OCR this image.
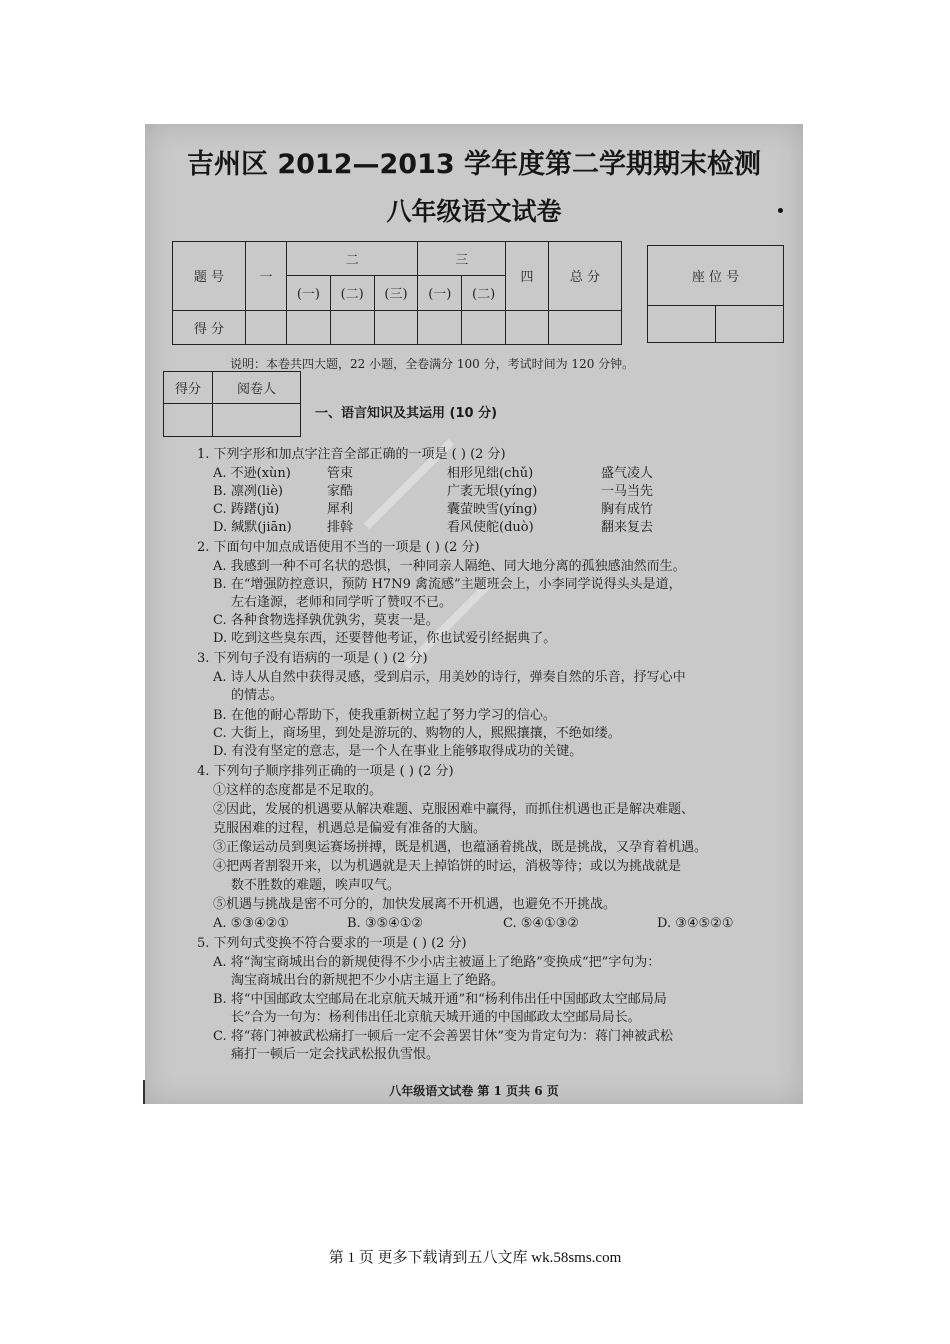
吉州区 2012—2013 学年度第二学期期末检测
八年级语文试卷
题 号	一	二			三		四	总 分
		(一)	(二)	(三)	(一)	(二)		
得 分								
座 位 号

说明：本卷共四大题，22 小题，全卷满分 100 分，考试时间为 120 分钟。
得分	阅卷人

一、语言知识及其运用 (10 分)
1. 下列字形和加点字注音全部正确的一项是 ( ) (2 分)
A. 不逊(xùn)	管束	相形见绌(chǔ)	盛气凌人
B. 凛冽(liè)	家酷	广袤无垠(yíng)	一马当先
C. 踌躇(jǔ)	犀利	囊萤映雪(yíng)	胸有成竹
D. 缄默(jiān)	排斡	看风使舵(duò)	翻来复去
2. 下面句中加点成语使用不当的一项是 ( ) (2 分)
A. 我感到一种不可名状的恐惧，一种同亲人隔绝、同大地分离的孤独感油然而生。
B. 在“增强防控意识，预防 H7N9 禽流感”主题班会上，小李同学说得头头是道，
左右逢源，老师和同学听了赞叹不已。
C. 各种食物选择孰优孰劣，莫衷一是。
D. 吃到这些臭东西，还要替他考证，你也试爱引经据典了。
3. 下列句子没有语病的一项是 ( ) (2 分)
A. 诗人从自然中获得灵感，受到启示，用美妙的诗行，弹奏自然的乐音，抒写心中
的情志。
B. 在他的耐心帮助下，使我重新树立起了努力学习的信心。
C. 大街上，商场里，到处是游玩的、购物的人，熙熙攘攘，不绝如缕。
D. 有没有坚定的意志，是一个人在事业上能够取得成功的关键。
4. 下列句子顺序排列正确的一项是 ( ) (2 分)
①这样的态度都是不足取的。
②因此，发展的机遇要从解决难题、克服困难中赢得，而抓住机遇也正是解决难题、
克服困难的过程，机遇总是偏爱有准备的大脑。
③正像运动员到奥运赛场拼搏，既是机遇，也蕴涵着挑战，既是挑战，又孕育着机遇。
④把两者割裂开来，以为机遇就是天上掉馅饼的时运，消极等待；或以为挑战就是
数不胜数的难题，唉声叹气。
⑤机遇与挑战是密不可分的，加快发展离不开机遇，也避免不开挑战。
A. ⑤③④②①	B. ③⑤④①②	C. ⑤④①③②	D. ③④⑤②①
5. 下列句式变换不符合要求的一项是 ( ) (2 分)
A. 将“淘宝商城出台的新规使得不少小店主被逼上了绝路”变换成“把”字句为：
淘宝商城出台的新规把不少小店主逼上了绝路。
B. 将“中国邮政太空邮局在北京航天城开通”和“杨利伟出任中国邮政太空邮局局
长”合为一句为：杨利伟出任北京航天城开通的中国邮政太空邮局局长。
C. 将“蒋门神被武松痛打一顿后一定不会善罢甘休”变为肯定句为：蒋门神被武松
痛打一顿后一定会找武松报仇雪恨。
八年级语文试卷 第 1 页共 6 页
第 1 页 更多下载请到五八文库 wk.58sms.com
